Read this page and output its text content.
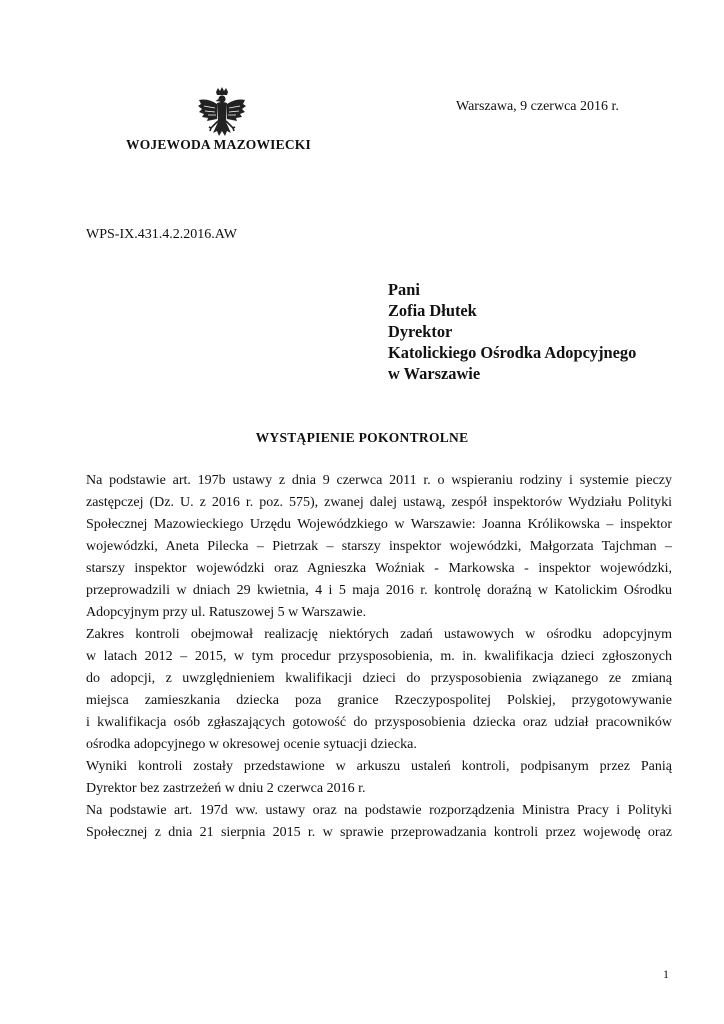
WOJEWODA MAZOWIECKI
Warszawa, 9 czerwca 2016 r.
WPS-IX.431.4.2.2016.AW
Pani
Zofia Dłutek
Dyrektor
Katolickiego Ośrodka Adopcyjnego
w Warszawie
WYSTĄPIENIE POKONTROLNE
Na podstawie art. 197b ustawy z dnia 9 czerwca 2011 r. o wspieraniu rodziny i systemie pieczy
zastępczej (Dz. U. z 2016 r. poz. 575), zwanej dalej ustawą, zespół inspektorów Wydziału Polityki
Społecznej Mazowieckiego Urzędu Wojewódzkiego w Warszawie: Joanna Królikowska – inspektor
wojewódzki, Aneta Pilecka – Pietrzak – starszy inspektor wojewódzki, Małgorzata Tajchman –
starszy inspektor wojewódzki oraz Agnieszka Woźniak - Markowska - inspektor wojewódzki,
przeprowadzili w dniach 29 kwietnia, 4 i 5 maja 2016 r. kontrolę doraźną w Katolickim Ośrodku
Adopcyjnym przy ul. Ratuszowej 5 w Warszawie.
Zakres kontroli obejmował realizację niektórych zadań ustawowych w ośrodku adopcyjnym
w latach 2012 – 2015, w tym procedur przysposobienia, m. in. kwalifikacja dzieci zgłoszonych
do adopcji, z uwzględnieniem kwalifikacji dzieci do przysposobienia związanego ze zmianą
miejsca zamieszkania dziecka poza granice Rzeczypospolitej Polskiej, przygotowywanie
i kwalifikacja osób zgłaszających gotowość do przysposobienia dziecka oraz udział pracowników
ośrodka adopcyjnego w okresowej ocenie sytuacji dziecka.
Wyniki kontroli zostały przedstawione w arkuszu ustaleń kontroli, podpisanym przez Panią
Dyrektor bez zastrzeżeń w dniu 2 czerwca 2016 r.
Na podstawie art. 197d ww. ustawy oraz na podstawie rozporządzenia Ministra Pracy i Polityki
Społecznej z dnia 21 sierpnia 2015 r. w sprawie przeprowadzania kontroli przez wojewodę oraz
1
